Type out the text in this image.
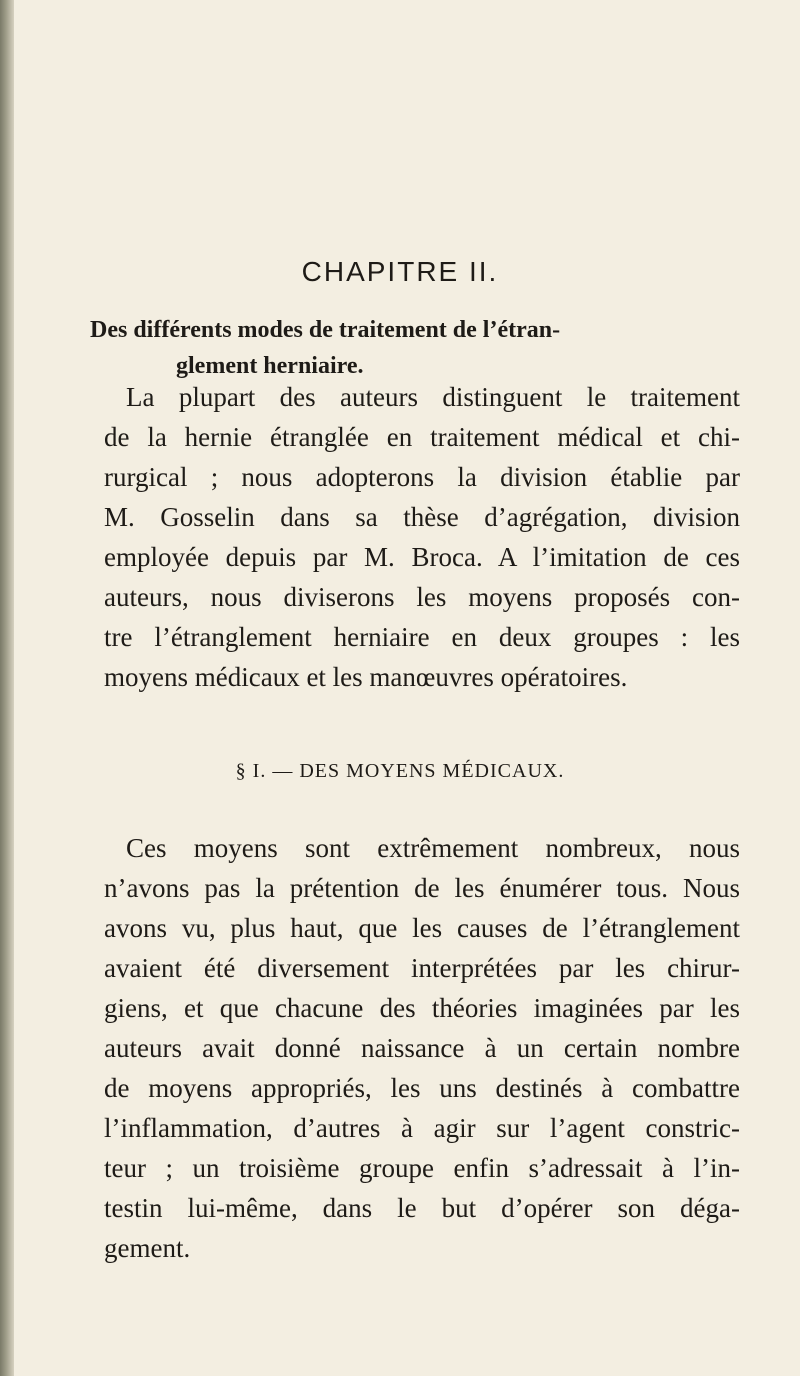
CHAPITRE II.
Des différents modes de traitement de l’étran-
glement herniaire.
La plupart des auteurs distinguent le traitement
de la hernie étranglée en traitement médical et chi-
rurgical ; nous adopterons la division établie par
M. Gosselin dans sa thèse d’agrégation, division
employée depuis par M. Broca. A l’imitation de ces
auteurs, nous diviserons les moyens proposés con-
tre l’étranglement herniaire en deux groupes : les
moyens médicaux et les manœuvres opératoires.
§ I. — DES MOYENS MÉDICAUX.
Ces moyens sont extrêmement nombreux, nous
n’avons pas la prétention de les énumérer tous. Nous
avons vu, plus haut, que les causes de l’étranglement
avaient été diversement interprétées par les chirur-
giens, et que chacune des théories imaginées par les
auteurs avait donné naissance à un certain nombre
de moyens appropriés, les uns destinés à combattre
l’inflammation, d’autres à agir sur l’agent constric-
teur ; un troisième groupe enfin s’adressait à l’in-
testin lui-même, dans le but d’opérer son déga-
gement.
